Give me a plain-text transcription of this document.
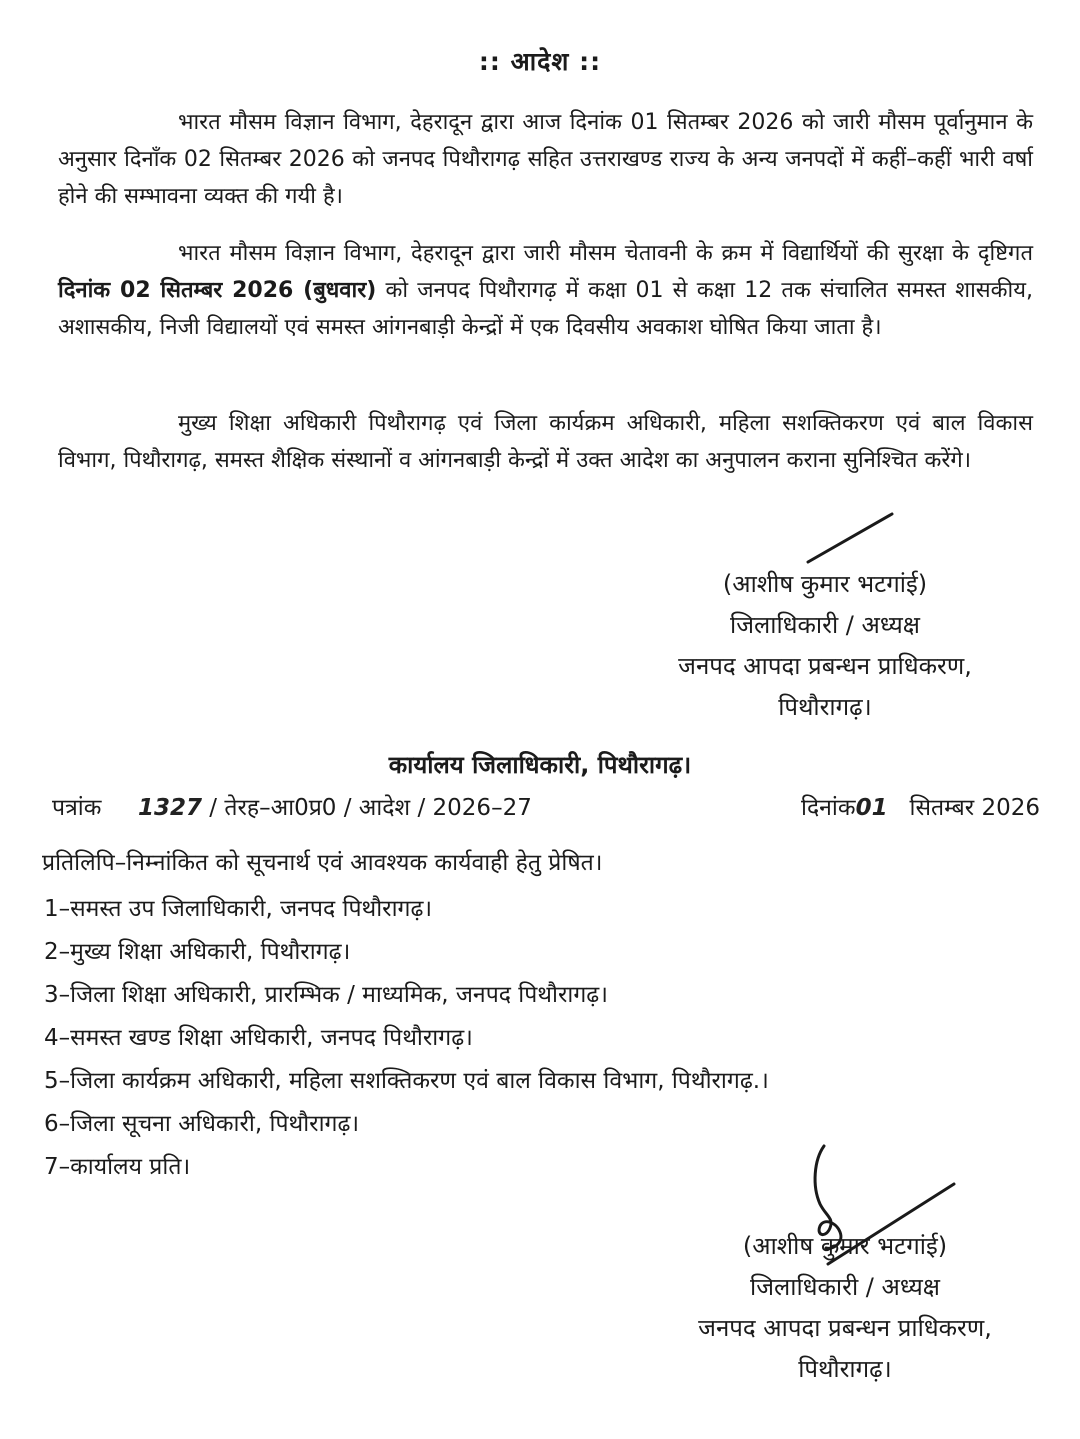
:: आदेश ::
भारत मौसम विज्ञान विभाग, देहरादून द्वारा आज दिनांक 01 सितम्बर 2026 को जारी मौसम पूर्वानुमान के अनुसार दिनाँक 02 सितम्बर 2026 को जनपद पिथौरागढ़ सहित उत्तराखण्ड राज्य के अन्य जनपदों में कहीं–कहीं भारी वर्षा होने की सम्भावना व्यक्त की गयी है।
भारत मौसम विज्ञान विभाग, देहरादून द्वारा जारी मौसम चेतावनी के क्रम में विद्यार्थियों की सुरक्षा के दृष्टिगत दिनांक 02 सितम्बर 2026 (बुधवार) को जनपद पिथौरागढ़ में कक्षा 01 से कक्षा 12 तक संचालित समस्त शासकीय, अशासकीय, निजी विद्यालयों एवं समस्त आंगनबाड़ी केन्द्रों में एक दिवसीय अवकाश घोषित किया जाता है।
मुख्य शिक्षा अधिकारी पिथौरागढ़ एवं जिला कार्यक्रम अधिकारी, महिला सशक्तिकरण एवं बाल विकास विभाग, पिथौरागढ़, समस्त शैक्षिक संस्थानों व आंगनबाड़ी केन्द्रों में उक्त आदेश का अनुपालन कराना सुनिश्चित करेंगे।
(आशीष कुमार भटगांई)
जिलाधिकारी / अध्यक्ष
जनपद आपदा प्रबन्धन प्राधिकरण,
पिथौरागढ़।
कार्यालय जिलाधिकारी, पिथौरागढ़।
पत्रांक 1327 / तेरह–आ0प्र0 / आदेश / 2026–27	दिनांक01 सितम्बर 2026
प्रतिलिपि–निम्नांकित को सूचनार्थ एवं आवश्यक कार्यवाही हेतु प्रेषित।
1–समस्त उप जिलाधिकारी, जनपद पिथौरागढ़।
2–मुख्य शिक्षा अधिकारी, पिथौरागढ़।
3–जिला शिक्षा अधिकारी, प्रारम्भिक / माध्यमिक, जनपद पिथौरागढ़।
4–समस्त खण्ड शिक्षा अधिकारी, जनपद पिथौरागढ़।
5–जिला कार्यक्रम अधिकारी, महिला सशक्तिकरण एवं बाल विकास विभाग, पिथौरागढ़.।
6–जिला सूचना अधिकारी, पिथौरागढ़।
7–कार्यालय प्रति।
(आशीष कुमार भटगांई)
जिलाधिकारी / अध्यक्ष
जनपद आपदा प्रबन्धन प्राधिकरण,
पिथौरागढ़।
